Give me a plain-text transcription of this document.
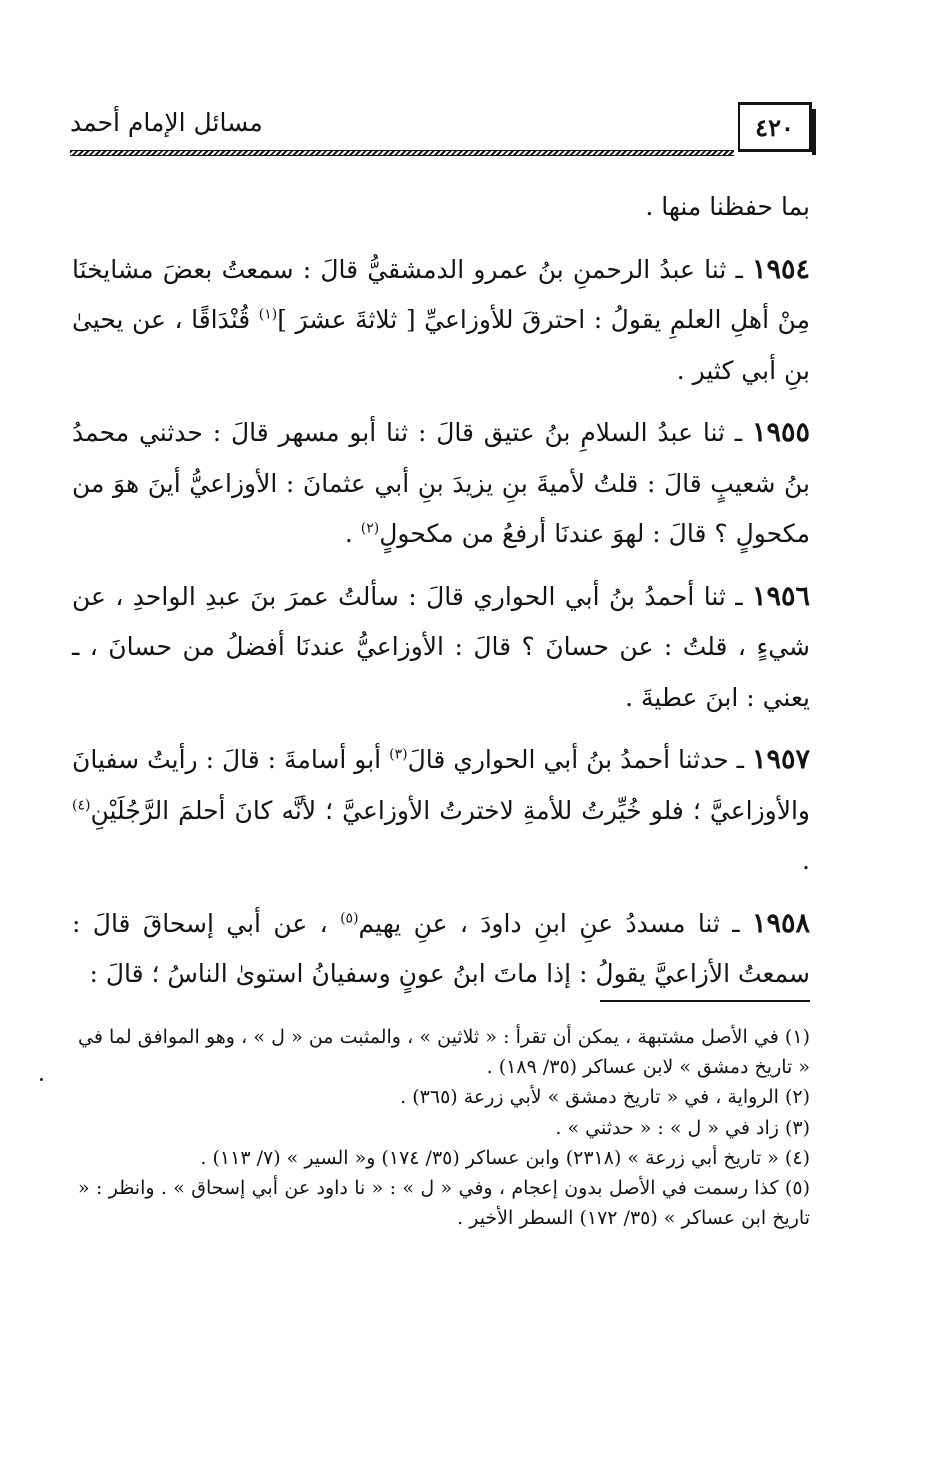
٤٢٠
مسائل الإمام أحمد

بما حفظنا منها .

١٩٥٤ ـ ثنا عبدُ الرحمنِ بنُ عمرو الدمشقيُّ قالَ : سمعتُ بعضَ مشايخنَا مِنْ أهلِ العلمِ يقولُ : احترقَ للأوزاعيِّ [ ثلاثةَ عشرَ ]$^{(١)}$ قُنْدَاقًا ، عن يحيىٰ بنِ أبي كثير .

١٩٥٥ ـ ثنا عبدُ السلامِ بنُ عتيق قالَ : ثنا أبو مسهر قالَ : حدثني محمدُ بنُ شعيبٍ قالَ : قلتُ لأميةَ بنِ يزيدَ بنِ أبي عثمانَ : الأوزاعيُّ أينَ هوَ من مكحولٍ ؟ قالَ : لهوَ عندنَا أرفعُ من مكحولٍ$^{(٢)}$ .

١٩٥٦ ـ ثنا أحمدُ بنُ أبي الحواري قالَ : سألتُ عمرَ بنَ عبدِ الواحدِ ، عن شيءٍ ، قلتُ : عن حسانَ ؟ قالَ : الأوزاعيُّ عندنَا أفضلُ من حسانَ ، ـ يعني : ابنَ عطيةَ .

١٩٥٧ ـ حدثنا أحمدُ بنُ أبي الحواري قالَ$^{(٣)}$ أبو أسامةَ : قالَ : رأيتُ سفيانَ والأوزاعيَّ ؛ فلو خُيِّرتُ للأمةِ لاخترتُ الأوزاعيَّ ؛ لأنَّه كانَ أحلمَ الرَّجُلَيْنِ$^{(٤)}$ .

١٩٥٨ ـ ثنا مسددُ عنِ ابنِ داودَ ، عنِ يهيم$^{(٥)}$ ، عن أبي إسحاقَ قالَ : سمعتُ الأزاعيَّ يقولُ : إذا ماتَ ابنُ عونٍ وسفيانُ استوىٰ الناسُ ؛ قالَ :

(١) في الأصل مشتبهة ، يمكن أن تقرأ : « ثلاثين » ، والمثبت من « ل » ، وهو الموافق لما في « تاريخ دمشق » لابن عساكر (٣٥/ ١٨٩) .

(٢) الرواية ، في « تاريخ دمشق » لأبي زرعة (٣٦٥) .

(٣) زاد في « ل » : « حدثني » .

(٤) « تاريخ أبي زرعة » (٢٣١٨) وابن عساكر (٣٥/ ١٧٤) و« السير » (٧/ ١١٣) .

(٥) كذا رسمت في الأصل بدون إعجام ، وفي « ل » : « نا داود عن أبي إسحاق » . وانظر : « تاريخ ابن عساكر » (٣٥/ ١٧٢) السطر الأخير .
